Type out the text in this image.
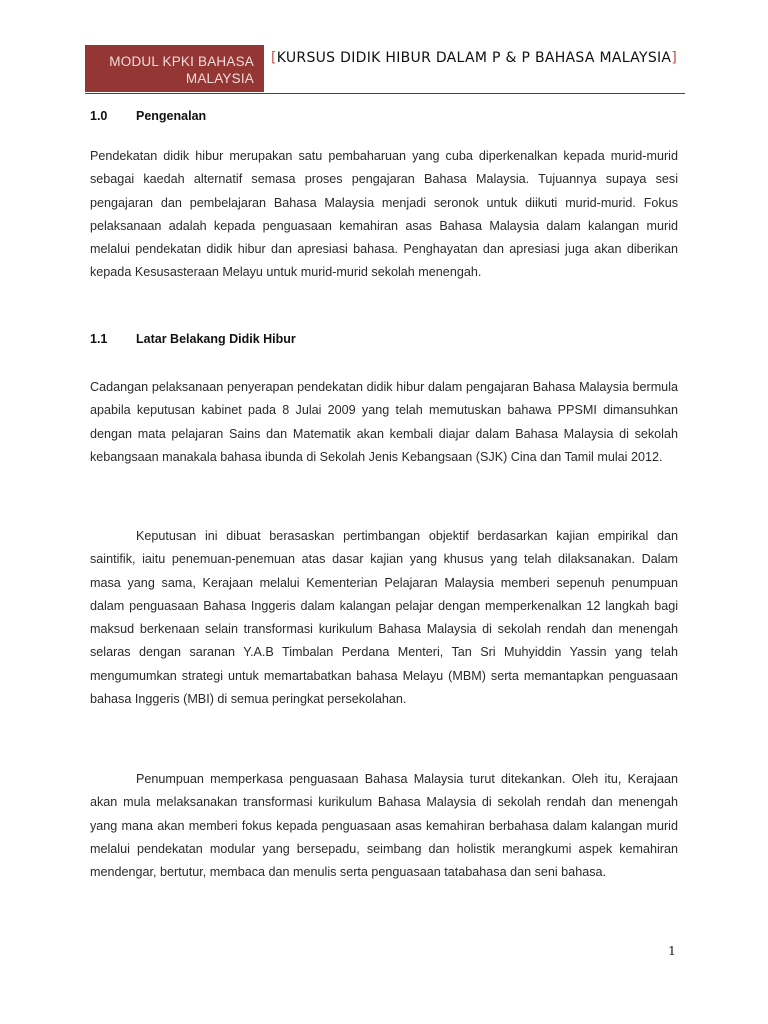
MODUL KPKI BAHASA
MALAYSIA
[KURSUS DIDIK HIBUR DALAM P & P BAHASA MALAYSIA]
1.0 Pengenalan

Pendekatan didik hibur merupakan satu pembaharuan yang cuba diperkenalkan kepada murid-murid sebagai kaedah alternatif semasa proses pengajaran Bahasa Malaysia. Tujuannya supaya sesi pengajaran dan pembelajaran Bahasa Malaysia menjadi seronok untuk diikuti murid-murid. Fokus pelaksanaan adalah kepada penguasaan kemahiran asas Bahasa Malaysia dalam kalangan murid melalui pendekatan didik hibur dan apresiasi bahasa. Penghayatan dan apresiasi juga akan diberikan kepada Kesusasteraan Melayu untuk murid-murid sekolah menengah.

1.1 Latar Belakang Didik Hibur

Cadangan pelaksanaan penyerapan pendekatan didik hibur dalam pengajaran Bahasa Malaysia bermula apabila keputusan kabinet pada 8 Julai 2009 yang telah memutuskan bahawa PPSMI dimansuhkan dengan mata pelajaran Sains dan Matematik akan kembali diajar dalam Bahasa Malaysia di sekolah kebangsaan manakala bahasa ibunda di Sekolah Jenis Kebangsaan (SJK) Cina dan Tamil mulai 2012.

Keputusan ini dibuat berasaskan pertimbangan objektif berdasarkan kajian empirikal dan saintifik, iaitu penemuan-penemuan atas dasar kajian yang khusus yang telah dilaksanakan. Dalam masa yang sama, Kerajaan melalui Kementerian Pelajaran Malaysia memberi sepenuh penumpuan dalam penguasaan Bahasa Inggeris dalam kalangan pelajar dengan memperkenalkan 12 langkah bagi maksud berkenaan selain transformasi kurikulum Bahasa Malaysia di sekolah rendah dan menengah selaras dengan saranan Y.A.B Timbalan Perdana Menteri, Tan Sri Muhyiddin Yassin yang telah mengumumkan strategi untuk memartabatkan bahasa Melayu (MBM) serta memantapkan penguasaan bahasa Inggeris (MBI) di semua peringkat persekolahan.

Penumpuan memperkasa penguasaan Bahasa Malaysia turut ditekankan. Oleh itu, Kerajaan akan mula melaksanakan transformasi kurikulum Bahasa Malaysia di sekolah rendah dan menengah yang mana akan memberi fokus kepada penguasaan asas kemahiran berbahasa dalam kalangan murid melalui pendekatan modular yang bersepadu, seimbang dan holistik merangkumi aspek kemahiran mendengar, bertutur, membaca dan menulis serta penguasaan tatabahasa dan seni bahasa.

1
